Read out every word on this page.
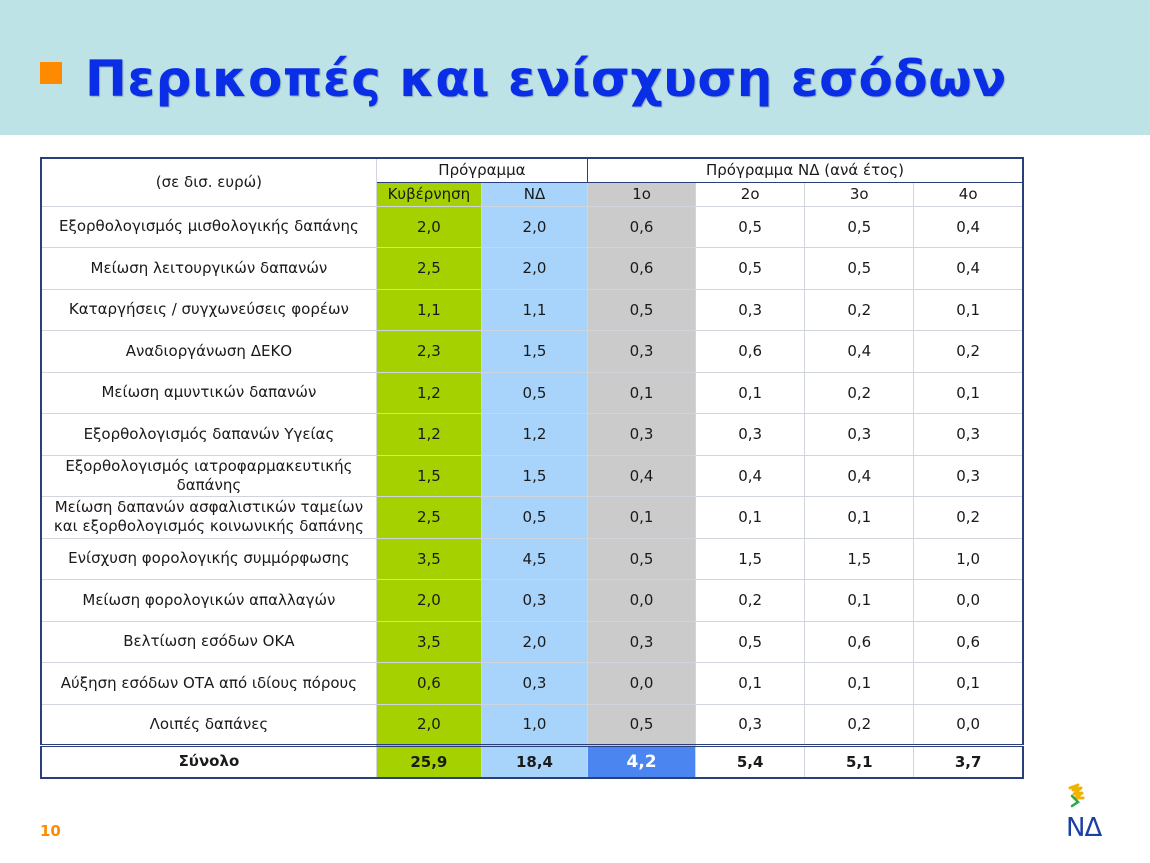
Περικοπές και ενίσχυση εσόδων
(σε δισ. ευρώ)	Πρόγραμμα		Πρόγραμμα ΝΔ (ανά έτος)			
	Κυβέρνηση	ΝΔ	1ο	2ο	3ο	4ο
Εξορθολογισμός μισθολογικής δαπάνης	2,0	2,0	0,6	0,5	0,5	0,4
Μείωση λειτουργικών δαπανών	2,5	2,0	0,6	0,5	0,5	0,4
Καταργήσεις / συγχωνεύσεις φορέων	1,1	1,1	0,5	0,3	0,2	0,1
Αναδιοργάνωση ΔΕΚΟ	2,3	1,5	0,3	0,6	0,4	0,2
Μείωση αμυντικών δαπανών	1,2	0,5	0,1	0,1	0,2	0,1
Εξορθολογισμός δαπανών Υγείας	1,2	1,2	0,3	0,3	0,3	0,3
Εξορθολογισμός ιατροφαρμακευτικής δαπάνης	1,5	1,5	0,4	0,4	0,4	0,3
Μείωση δαπανών ασφαλιστικών ταμείων και εξορθολογισμός κοινωνικής δαπάνης	2,5	0,5	0,1	0,1	0,1	0,2
Ενίσχυση φορολογικής συμμόρφωσης	3,5	4,5	0,5	1,5	1,5	1,0
Μείωση φορολογικών απαλλαγών	2,0	0,3	0,0	0,2	0,1	0,0
Βελτίωση εσόδων ΟΚΑ	3,5	2,0	0,3	0,5	0,6	0,6
Αύξηση εσόδων ΟΤΑ από ιδίους πόρους	0,6	0,3	0,0	0,1	0,1	0,1
Λοιπές δαπάνες	2,0	1,0	0,5	0,3	0,2	0,0
Σύνολο	25,9	18,4	4,2	5,4	5,1	3,7
10	ΝΔ
